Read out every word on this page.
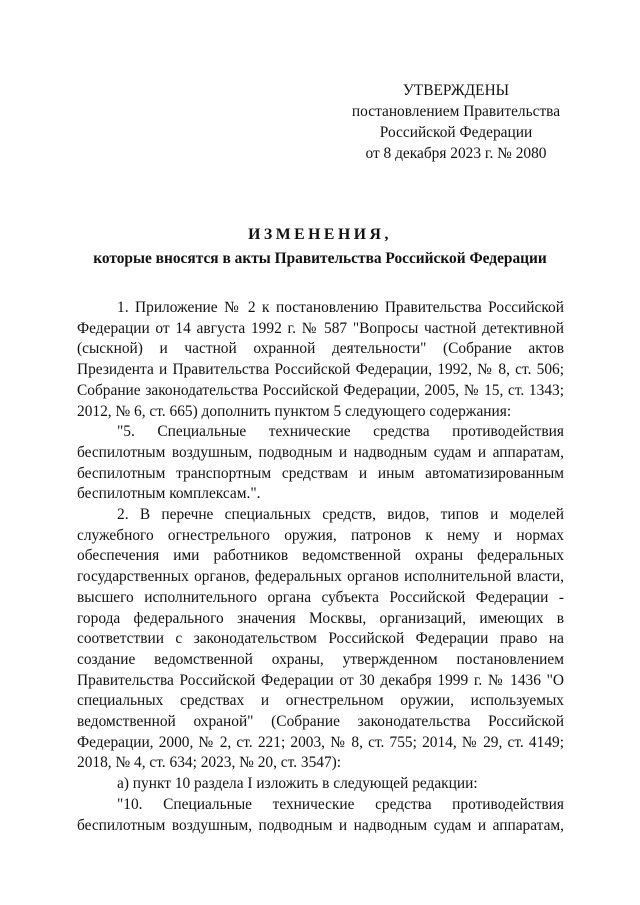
УТВЕРЖДЕНЫ
постановлением Правительства
Российской Федерации
от 8 декабря 2023 г. № 2080
ИЗМЕНЕНИЯ,
которые вносятся в акты Правительства Российской Федерации

1. Приложение № 2 к постановлению Правительства Российской Федерации от 14 августа 1992 г. № 587 "Вопросы частной детективной (сыскной) и частной охранной деятельности" (Собрание актов Президента и Правительства Российской Федерации, 1992, № 8, ст. 506; Собрание законодательства Российской Федерации, 2005, № 15, ст. 1343; 2012, № 6, ст. 665) дополнить пунктом 5 следующего содержания:

"5. Специальные технические средства противодействия беспилотным воздушным, подводным и надводным судам и аппаратам, беспилотным транспортным средствам и иным автоматизированным беспилотным комплексам.".

2. В перечне специальных средств, видов, типов и моделей служебного огнестрельного оружия, патронов к нему и нормах обеспечения ими работников ведомственной охраны федеральных государственных органов, федеральных органов исполнительной власти, высшего исполнительного органа субъекта Российской Федерации - города федерального значения Москвы, организаций, имеющих в соответствии с законодательством Российской Федерации право на создание ведомственной охраны, утвержденном постановлением Правительства Российской Федерации от 30 декабря 1999 г. № 1436 "О специальных средствах и огнестрельном оружии, используемых ведомственной охраной" (Собрание законодательства Российской Федерации, 2000, № 2, ст. 221; 2003, № 8, ст. 755; 2014, № 29, ст. 4149; 2018, № 4, ст. 634; 2023, № 20, ст. 3547):

а) пункт 10 раздела I изложить в следующей редакции:

"10. Специальные технические средства противодействия беспилотным воздушным, подводным и надводным судам и аппаратам,
